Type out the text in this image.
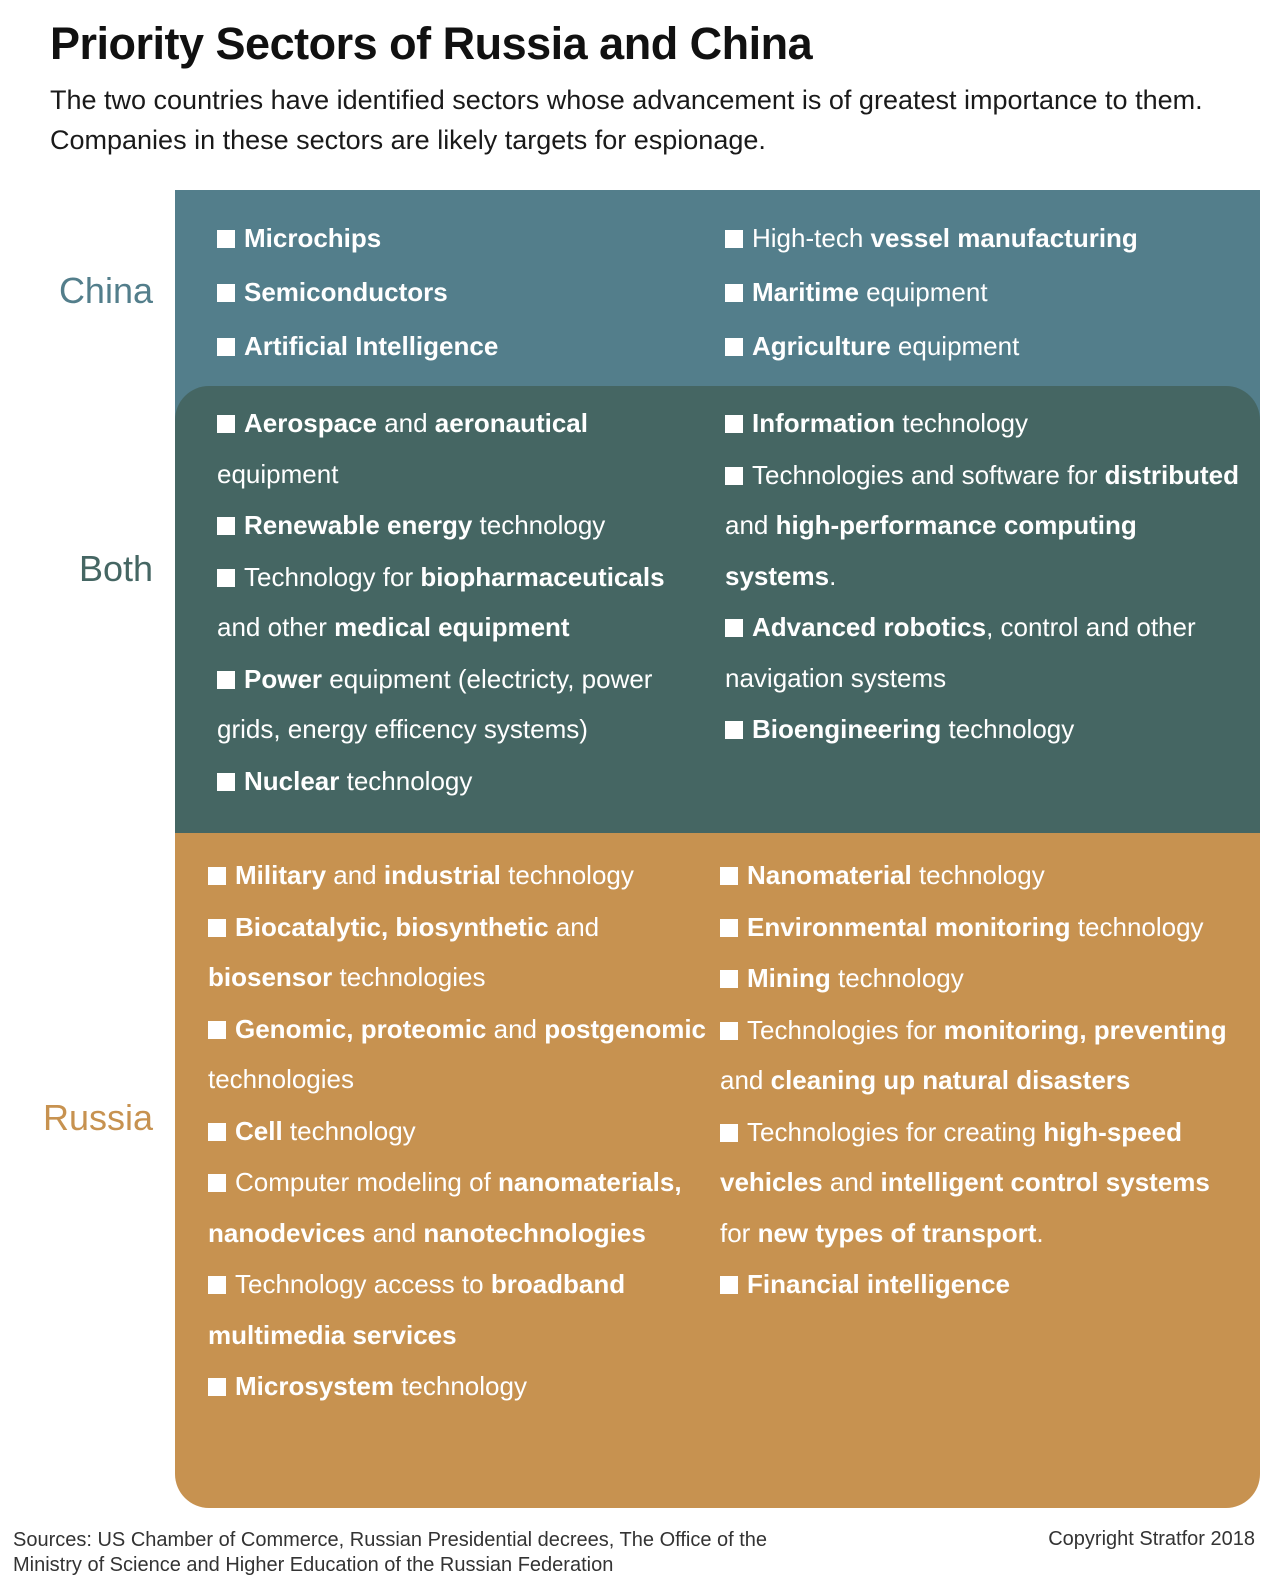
Priority Sectors of Russia and China
The two countries have identified sectors whose advancement is of greatest importance to them. Companies in these sectors are likely targets for espionage.
China
Both
Russia
Microchips
Semiconductors
Artificial Intelligence
High-tech vessel manufacturing
Maritime equipment
Agriculture equipment
Military and industrial technology
Biocatalytic, biosynthetic and biosensor technologies
Genomic, proteomic and postgenomic technologies
Cell technology
Computer modeling of nanomaterials, nanodevices and nanotechnologies
Technology access to broadband multimedia services
Microsystem technology
Nanomaterial technology
Environmental monitoring technology
Mining technology
Technologies for monitoring, preventing and cleaning up natural disasters
Technologies for creating high-speed vehicles and intelligent control systems for new types of transport.
Financial intelligence
Aerospace and aeronautical equipment
Renewable energy technology
Technology for biopharmaceuticals and other medical equipment
Power equipment (electricty, power grids, energy efficency systems)
Nuclear technology
Information technology
Technologies and software for distributed and high-performance computing systems.
Advanced robotics, control and other navigation systems
Bioengineering technology
Sources: US Chamber of Commerce, Russian Presidential decrees, The Office of the Ministry of Science and Higher Education of the Russian Federation
Copyright Stratfor 2018
